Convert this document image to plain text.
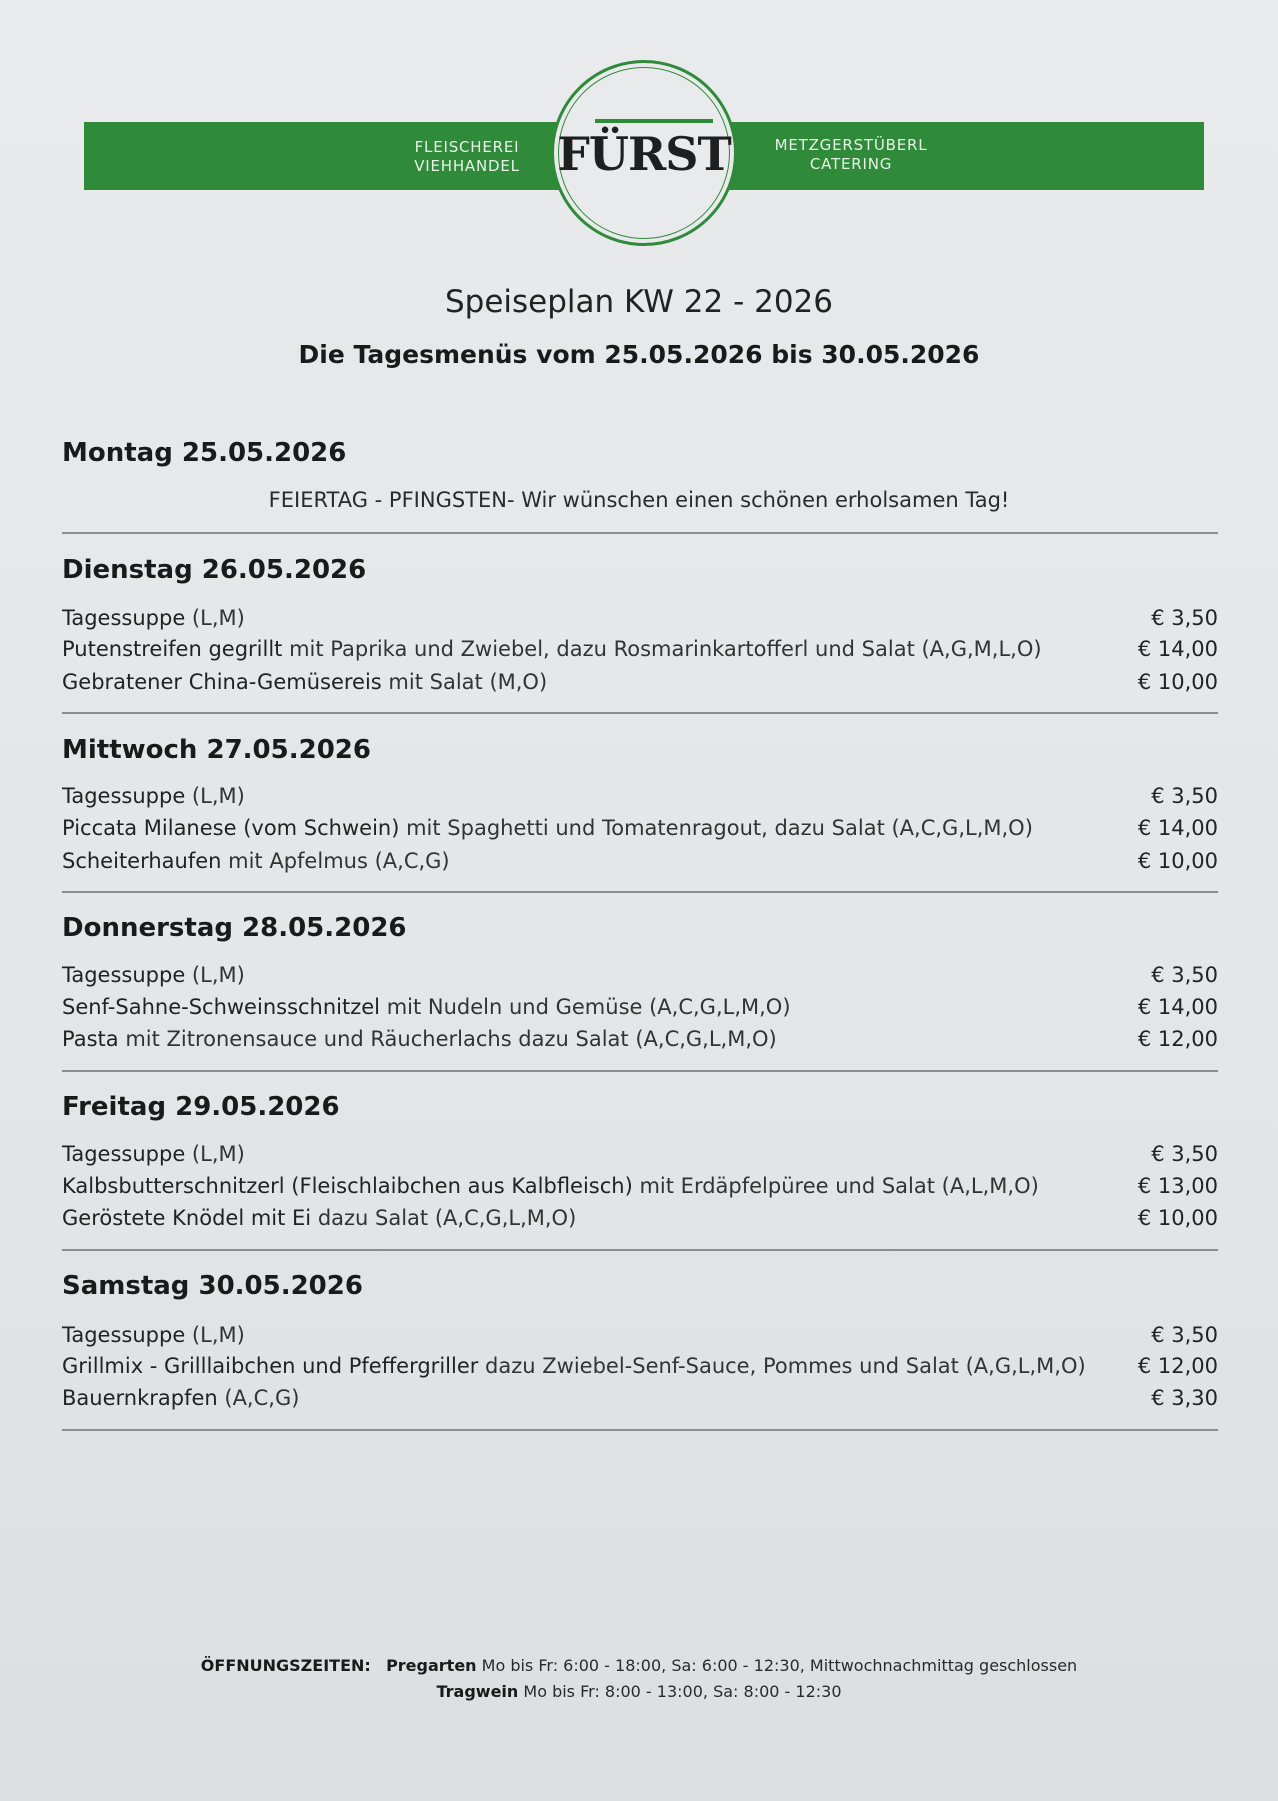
FLEISCHEREI
VIEHHANDEL
METZGERSTÜBERL
CATERING
FÜRST
Speiseplan KW 22 - 2026
Die Tagesmenüs vom 25.05.2026 bis 30.05.2026
Montag 25.05.2026
FEIERTAG - PFINGSTEN- Wir wünschen einen schönen erholsamen Tag!
Dienstag 26.05.2026
Tagessuppe (L,M)	€ 3,50
Putenstreifen gegrillt mit Paprika und Zwiebel, dazu Rosmarinkartofferl und Salat (A,G,M,L,O)	€ 14,00
Gebratener China-Gemüsereis mit Salat (M,O)	€ 10,00
Mittwoch 27.05.2026
Tagessuppe (L,M)	€ 3,50
Piccata Milanese (vom Schwein) mit Spaghetti und Tomatenragout, dazu Salat (A,C,G,L,M,O)	€ 14,00
Scheiterhaufen mit Apfelmus (A,C,G)	€ 10,00
Donnerstag 28.05.2026
Tagessuppe (L,M)	€ 3,50
Senf-Sahne-Schweinsschnitzel mit Nudeln und Gemüse (A,C,G,L,M,O)	€ 14,00
Pasta mit Zitronensauce und Räucherlachs dazu Salat (A,C,G,L,M,O)	€ 12,00
Freitag 29.05.2026
Tagessuppe (L,M)	€ 3,50
Kalbsbutterschnitzerl (Fleischlaibchen aus Kalbfleisch) mit Erdäpfelpüree und Salat (A,L,M,O)	€ 13,00
Geröstete Knödel mit Ei dazu Salat (A,C,G,L,M,O)	€ 10,00
Samstag 30.05.2026
Tagessuppe (L,M)	€ 3,50
Grillmix - Grilllaibchen und Pfeffergriller dazu Zwiebel-Senf-Sauce, Pommes und Salat (A,G,L,M,O) € 12,00
Bauernkrapfen (A,C,G)	€ 3,30
ÖFFNUNGSZEITEN: Pregarten Mo bis Fr: 6:00 - 18:00, Sa: 6:00 - 12:30, Mittwochnachmittag geschlossen
Tragwein Mo bis Fr: 8:00 - 13:00, Sa: 8:00 - 12:30
